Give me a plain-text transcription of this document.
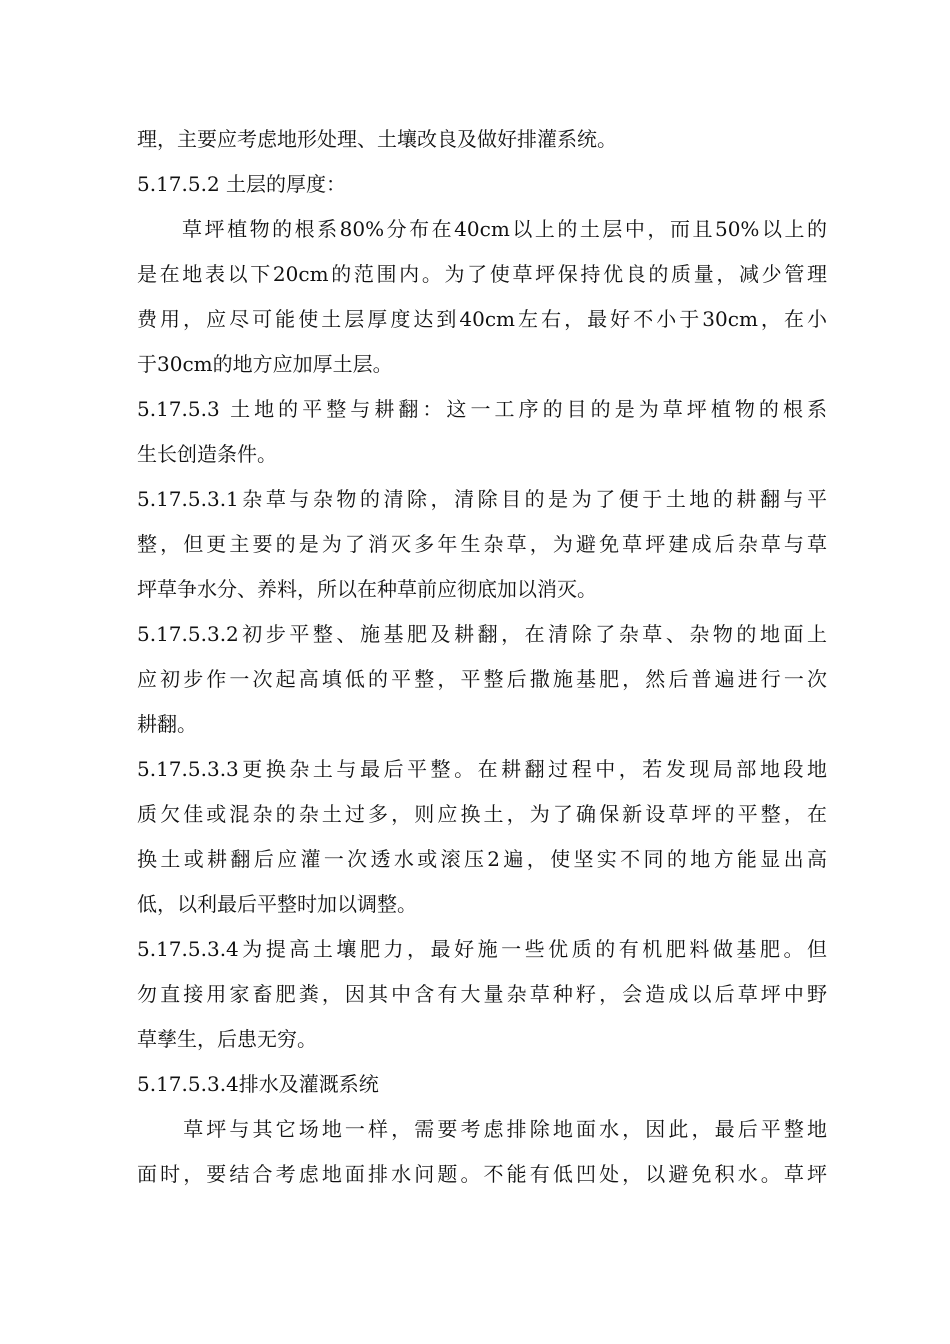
理，主要应考虑地形处理、土壤改良及做好排灌系统。
5.17.5.2 土层的厚度：
　　草坪植物的根系80%分布在40cm以上的土层中，而且50%以上的
是在地表以下20cm的范围内。为了使草坪保持优良的质量，减少管理
费用，应尽可能使土层厚度达到40cm左右，最好不小于30cm，在小
于30cm的地方应加厚土层。
5.17.5.3 土地的平整与耕翻：这一工序的目的是为草坪植物的根系
生长创造条件。
5.17.5.3.1杂草与杂物的清除，清除目的是为了便于土地的耕翻与平
整，但更主要的是为了消灭多年生杂草，为避免草坪建成后杂草与草
坪草争水分、养料，所以在种草前应彻底加以消灭。
5.17.5.3.2初步平整、施基肥及耕翻，在清除了杂草、杂物的地面上
应初步作一次起高填低的平整，平整后撒施基肥，然后普遍进行一次
耕翻。
5.17.5.3.3更换杂土与最后平整。在耕翻过程中，若发现局部地段地
质欠佳或混杂的杂土过多，则应换土，为了确保新设草坪的平整，在
换土或耕翻后应灌一次透水或滚压2遍，使坚实不同的地方能显出高
低，以利最后平整时加以调整。
5.17.5.3.4为提高土壤肥力，最好施一些优质的有机肥料做基肥。但
勿直接用家畜肥粪，因其中含有大量杂草种籽，会造成以后草坪中野
草孳生，后患无穷。
5.17.5.3.4排水及灌溉系统
　　草坪与其它场地一样，需要考虑排除地面水，因此，最后平整地
面时，要结合考虑地面排水问题。不能有低凹处，以避免积水。草坪
